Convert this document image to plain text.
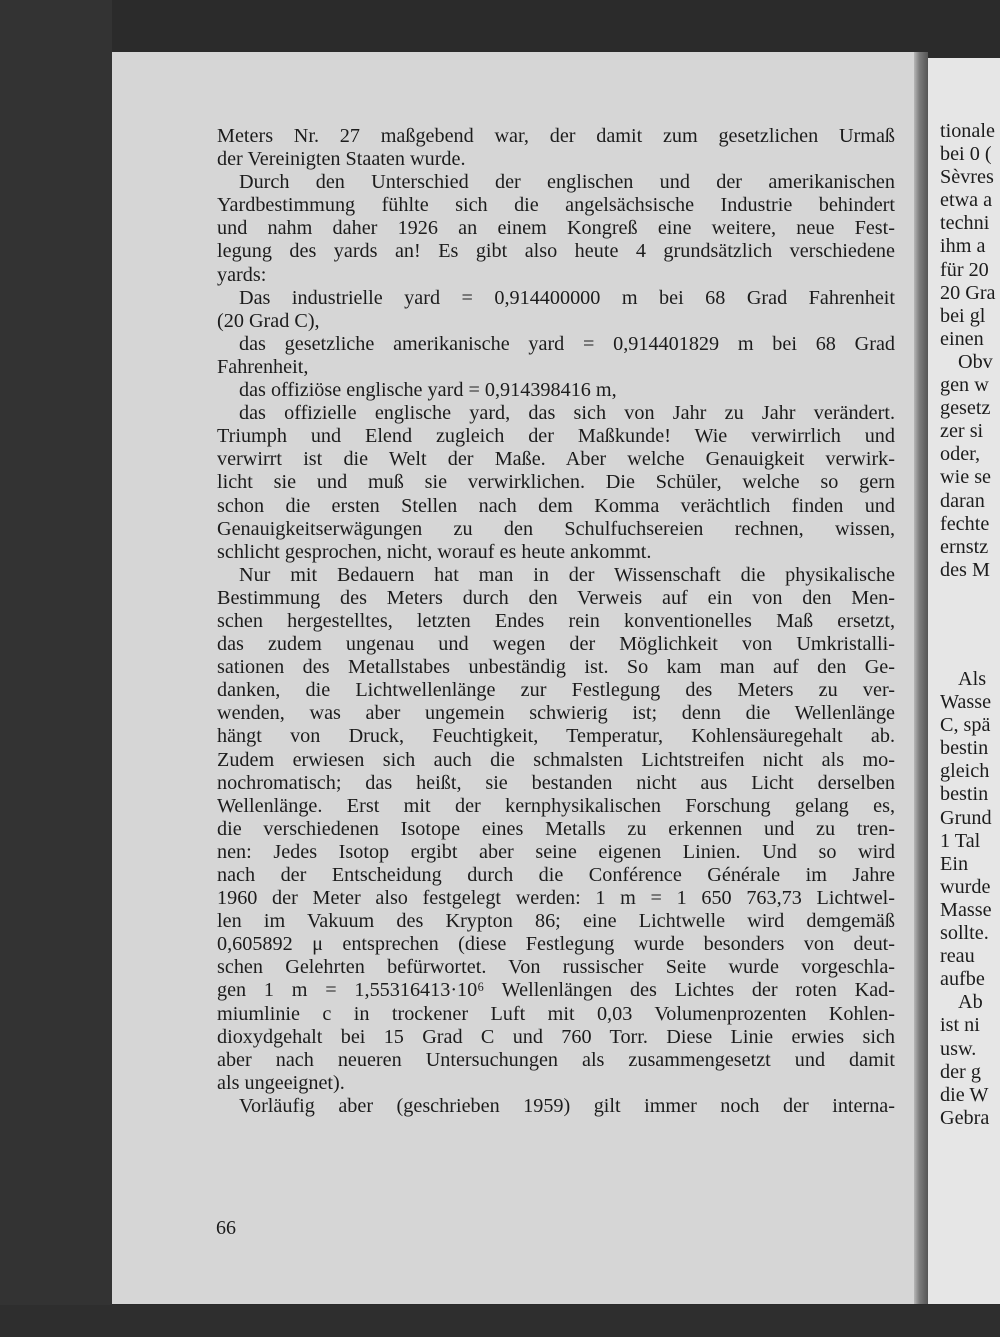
Meters Nr. 27 maßgebend war, der damit zum gesetzlichen Urmaß

der Vereinigten Staaten wurde.

Durch den Unterschied der englischen und der amerikanischen

Yardbestimmung fühlte sich die angelsächsische Industrie behindert

und nahm daher 1926 an einem Kongreß eine weitere, neue Fest-

legung des yards an! Es gibt also heute 4 grundsätzlich verschiedene

yards:

Das industrielle yard = 0,914400000 m bei 68 Grad Fahrenheit

(20 Grad C),

das gesetzliche amerikanische yard = 0,914401829 m bei 68 Grad

Fahrenheit,

das offiziöse englische yard = 0,914398416 m,

das offizielle englische yard, das sich von Jahr zu Jahr verändert.

Triumph und Elend zugleich der Maßkunde! Wie verwirrlich und

verwirrt ist die Welt der Maße. Aber welche Genauigkeit verwirk-

licht sie und muß sie verwirklichen. Die Schüler, welche so gern

schon die ersten Stellen nach dem Komma verächtlich finden und

Genauigkeitserwägungen zu den Schulfuchsereien rechnen, wissen,

schlicht gesprochen, nicht, worauf es heute ankommt.

Nur mit Bedauern hat man in der Wissenschaft die physikalische

Bestimmung des Meters durch den Verweis auf ein von den Men-

schen hergestelltes, letzten Endes rein konventionelles Maß ersetzt,

das zudem ungenau und wegen der Möglichkeit von Umkristalli-

sationen des Metallstabes unbeständig ist. So kam man auf den Ge-

danken, die Lichtwellenlänge zur Festlegung des Meters zu ver-

wenden, was aber ungemein schwierig ist; denn die Wellenlänge

hängt von Druck, Feuchtigkeit, Temperatur, Kohlensäuregehalt ab.

Zudem erwiesen sich auch die schmalsten Lichtstreifen nicht als mo-

nochromatisch; das heißt, sie bestanden nicht aus Licht derselben

Wellenlänge. Erst mit der kernphysikalischen Forschung gelang es,

die verschiedenen Isotope eines Metalls zu erkennen und zu tren-

nen: Jedes Isotop ergibt aber seine eigenen Linien. Und so wird

nach der Entscheidung durch die Conférence Générale im Jahre

1960 der Meter also festgelegt werden: 1 m = 1 650 763,73 Lichtwel-

len im Vakuum des Krypton 86; eine Lichtwelle wird demgemäß

0,605892 μ entsprechen (diese Festlegung wurde besonders von deut-

schen Gelehrten befürwortet. Von russischer Seite wurde vorgeschla-

gen 1 m = 1,55316413·10⁶ Wellenlängen des Lichtes der roten Kad-

miumlinie c in trockener Luft mit 0,03 Volumenprozenten Kohlen-

dioxydgehalt bei 15 Grad C und 760 Torr. Diese Linie erwies sich

aber nach neueren Untersuchungen als zusammengesetzt und damit

als ungeeignet).

Vorläufig aber (geschrieben 1959) gilt immer noch der interna-

66
tionale
bei 0 (
Sèvres
etwa a
techni
ihm a
für 20
20 Gra
bei gl
einen
Obv
gen w
gesetz
zer si
oder,
wie se
daran
fechte
ernstz
des M
Als
Wasse
C, spä
bestin
gleich
bestin
Grund
1 Tal
Ein
wurde
Masse
sollte.
reau
aufbe
Ab
ist ni
usw.
der g
die W
Gebra
